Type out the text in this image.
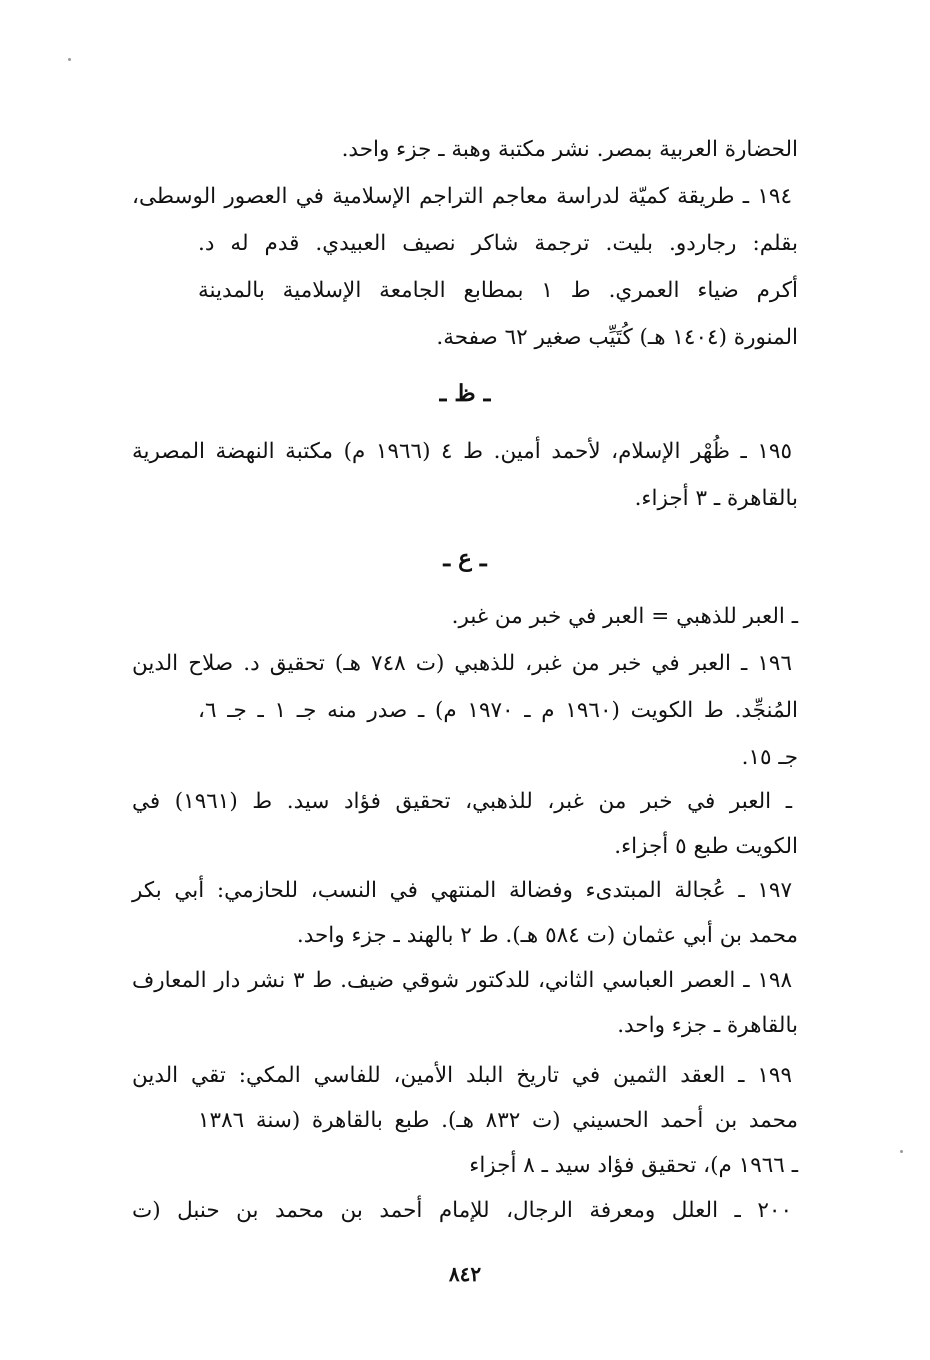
الحضارة العربية بمصر. نشر مكتبة وهبة ـ جزء واحد.
١٩٤ ـ طريقة كميّة لدراسة معاجم التراجم الإسلامية في العصور الوسطى،
بقلم: رجاردو. بليت. ترجمة شاكر نصيف العبيدي. قدم له د.
أكرم ضياء العمري. ط ١ بمطابع الجامعة الإسلامية بالمدينة
المنورة (١٤٠٤ هـ) كُتَيِّب صغير ٦٢ صفحة.
ـ ظ ـ
١٩٥ ـ ظُهْر الإسلام، لأحمد أمين. ط ٤ (١٩٦٦ م) مكتبة النهضة المصرية
بالقاهرة ـ ٣ أجزاء.
ـ ع ـ
ـ العبر للذهبي = العبر في خبر من غبر.
١٩٦ ـ العبر في خبر من غبر، للذهبي (ت ٧٤٨ هـ) تحقيق د. صلاح الدين
المُنجِّد. ط الكويت (١٩٦٠ م ـ ١٩٧٠ م) ـ صدر منه جـ ١ ـ جـ ٦،
جـ ١٥.
ـ العبر في خبر من غبر، للذهبي، تحقيق فؤاد سيد. ط (١٩٦١) في
الكويت طبع ٥ أجزاء.
١٩٧ ـ عُجالة المبتدىء وفضالة المنتهي في النسب، للحازمي: أبي بكر
محمد بن أبي عثمان (ت ٥٨٤ هـ). ط ٢ بالهند ـ جزء واحد.
١٩٨ ـ العصر العباسي الثاني، للدكتور شوقي ضيف. ط ٣ نشر دار المعارف
بالقاهرة ـ جزء واحد.
١٩٩ ـ العقد الثمين في تاريخ البلد الأمين، للفاسي المكي: تقي الدين
محمد بن أحمد الحسيني (ت ٨٣٢ هـ). طبع بالقاهرة (سنة ١٣٨٦
ـ ١٩٦٦ م)، تحقيق فؤاد سيد ـ ٨ أجزاء
٢٠٠ ـ العلل ومعرفة الرجال، للإمام أحمد بن محمد بن حنبل (ت
٨٤٢
